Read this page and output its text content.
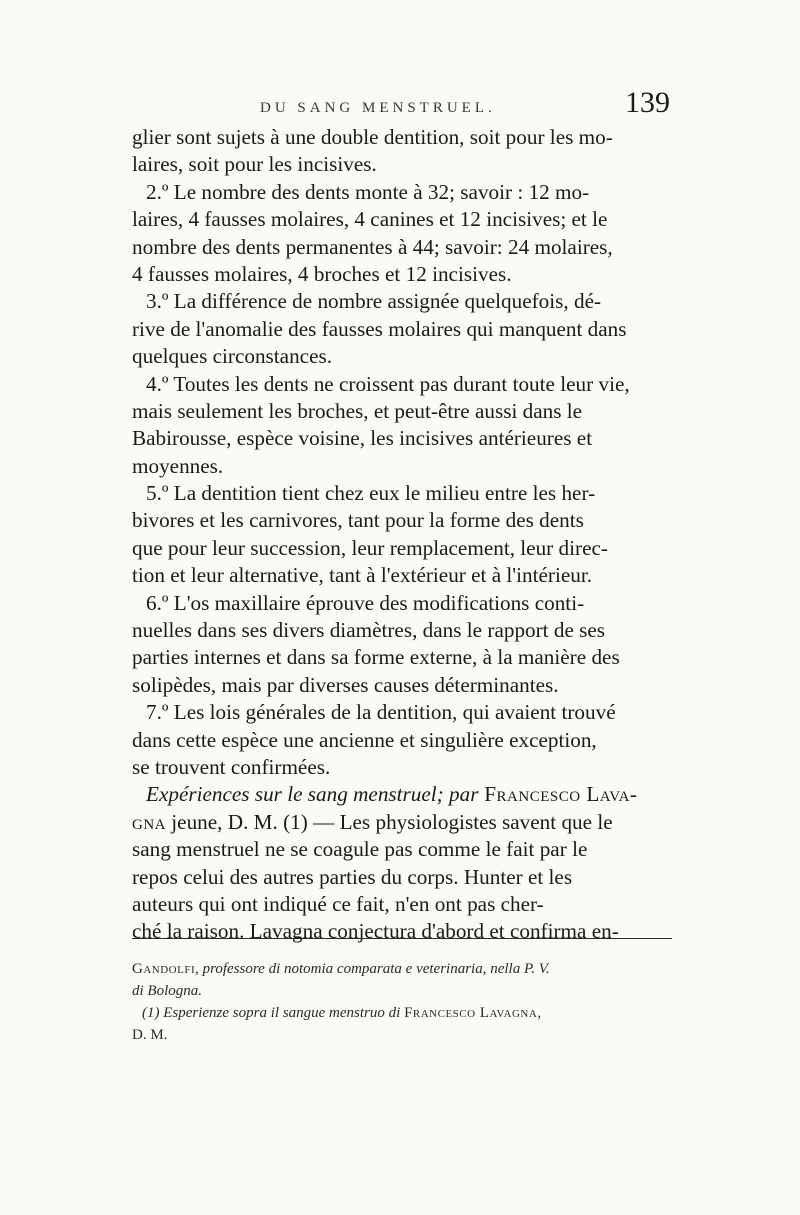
DU SANG MENSTRUEL.	139
glier sont sujets à une double dentition, soit pour les mo-
laires, soit pour les incisives.
2.º Le nombre des dents monte à 32; savoir : 12 mo-
laires, 4 fausses molaires, 4 canines et 12 incisives; et le
nombre des dents permanentes à 44; savoir: 24 molaires,
4 fausses molaires, 4 broches et 12 incisives.
3.º La différence de nombre assignée quelquefois, dé-
rive de l'anomalie des fausses molaires qui manquent dans
quelques circonstances.
4.º Toutes les dents ne croissent pas durant toute leur vie,
mais seulement les broches, et peut-être aussi dans le
Babirousse, espèce voisine, les incisives antérieures et
moyennes.
5.º La dentition tient chez eux le milieu entre les her-
bivores et les carnivores, tant pour la forme des dents
que pour leur succession, leur remplacement, leur direc-
tion et leur alternative, tant à l'extérieur et à l'intérieur.
6.º L'os maxillaire éprouve des modifications conti-
nuelles dans ses divers diamètres, dans le rapport de ses
parties internes et dans sa forme externe, à la manière des
solipèdes, mais par diverses causes déterminantes.
7.º Les lois générales de la dentition, qui avaient trouvé
dans cette espèce une ancienne et singulière exception,
se trouvent confirmées.
Expériences sur le sang menstruel; par Francesco Lava-
gna jeune, D. M. (1) — Les physiologistes savent que le
sang menstruel ne se coagule pas comme le fait par le
repos celui des autres parties du corps. Hunter et les
auteurs qui ont indiqué ce fait, n'en ont pas cher-
ché la raison. Lavagna conjectura d'abord et confirma en-
Gandolfi, professore di notomia comparata e veterinaria, nella P. V.
di Bologna.
(1) Esperienze sopra il sangue menstruo di Francesco Lavagna,
D. M.
